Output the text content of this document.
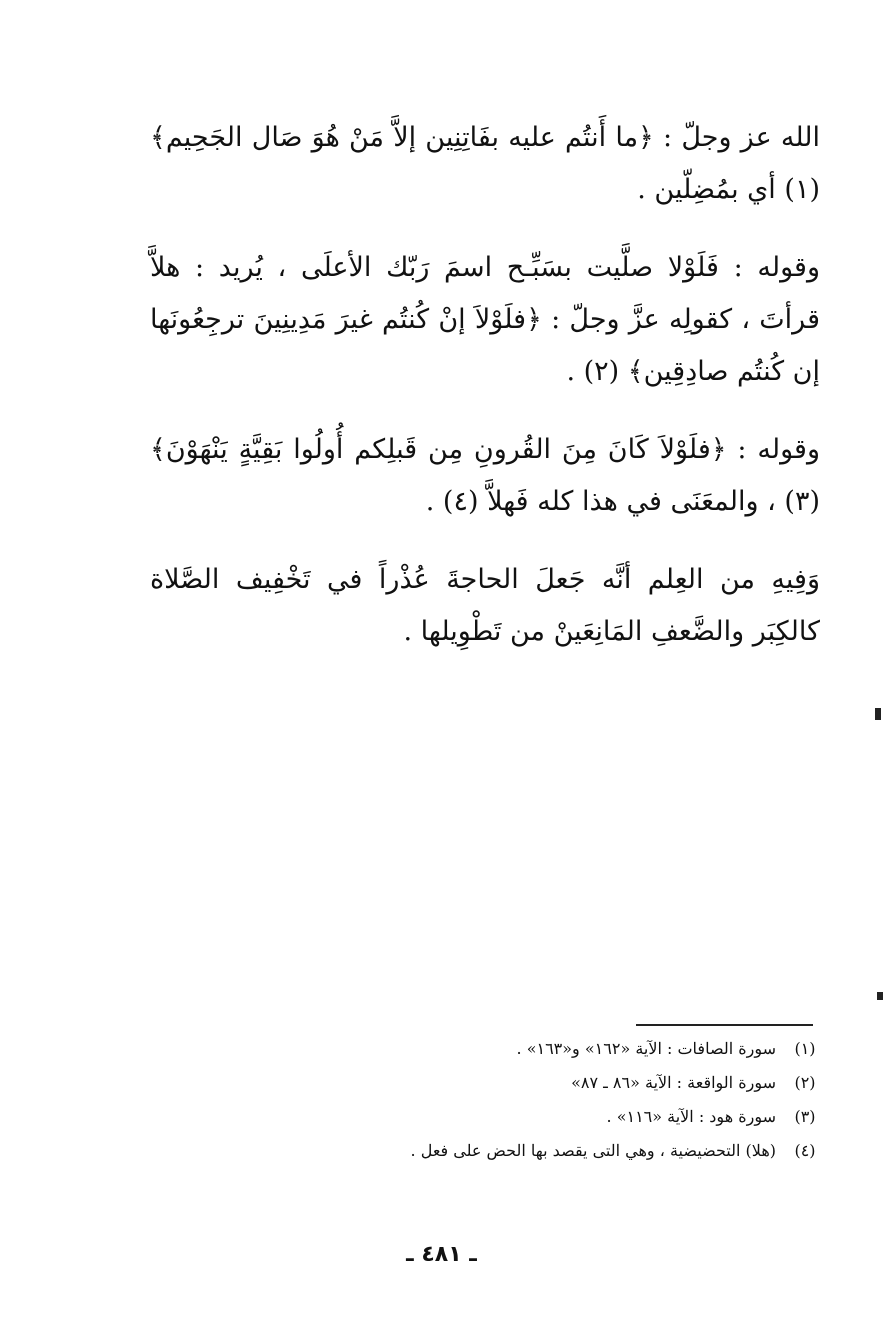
الله عز وجلّ : ﴿ما أَنتُم عليه بفَاتِنِين إلاَّ مَنْ هُوَ صَال الجَحِيم﴾ (١) أي بمُضِلّين .

وقوله : فَلَوْلا صلَّيت بسَبِّـح اسمَ رَبّك الأعلَى ، يُريد : هلاَّ قرأتَ ، كقولِه عزَّ وجلّ : ﴿فلَوْلاَ إنْ كُنتُم غيرَ مَدِينِينَ ترجِعُونَها إن كُنتُم صادِقِين﴾ (٢) .

وقوله : ﴿فلَوْلاَ كَانَ مِنَ القُرونِ مِن قَبلِكم أُولُوا بَقِيَّةٍ يَنْهَوْنَ﴾ (٣) ، والمعَنَى في هذا كله فَهلاَّ (٤) .

وَفِيهِ من العِلم أنَّه جَعلَ الحاجةَ عُذْراً في تَخْفِيف الصَّلاة كالكِبَر والضَّعفِ المَانِعَينْ من تَطْوِيلها .

(١)
سورة الصافات : الآية «١٦٢» و«١٦٣» .
(٢)
سورة الواقعة : الآية «٨٦ ـ ٨٧»
(٣)
سورة هود : الآية «١١٦» .
(٤)
(هلا) التحضيضية ، وهي التى يقصد بها الحض على فعل .
ـ ٤٨١ ـ
